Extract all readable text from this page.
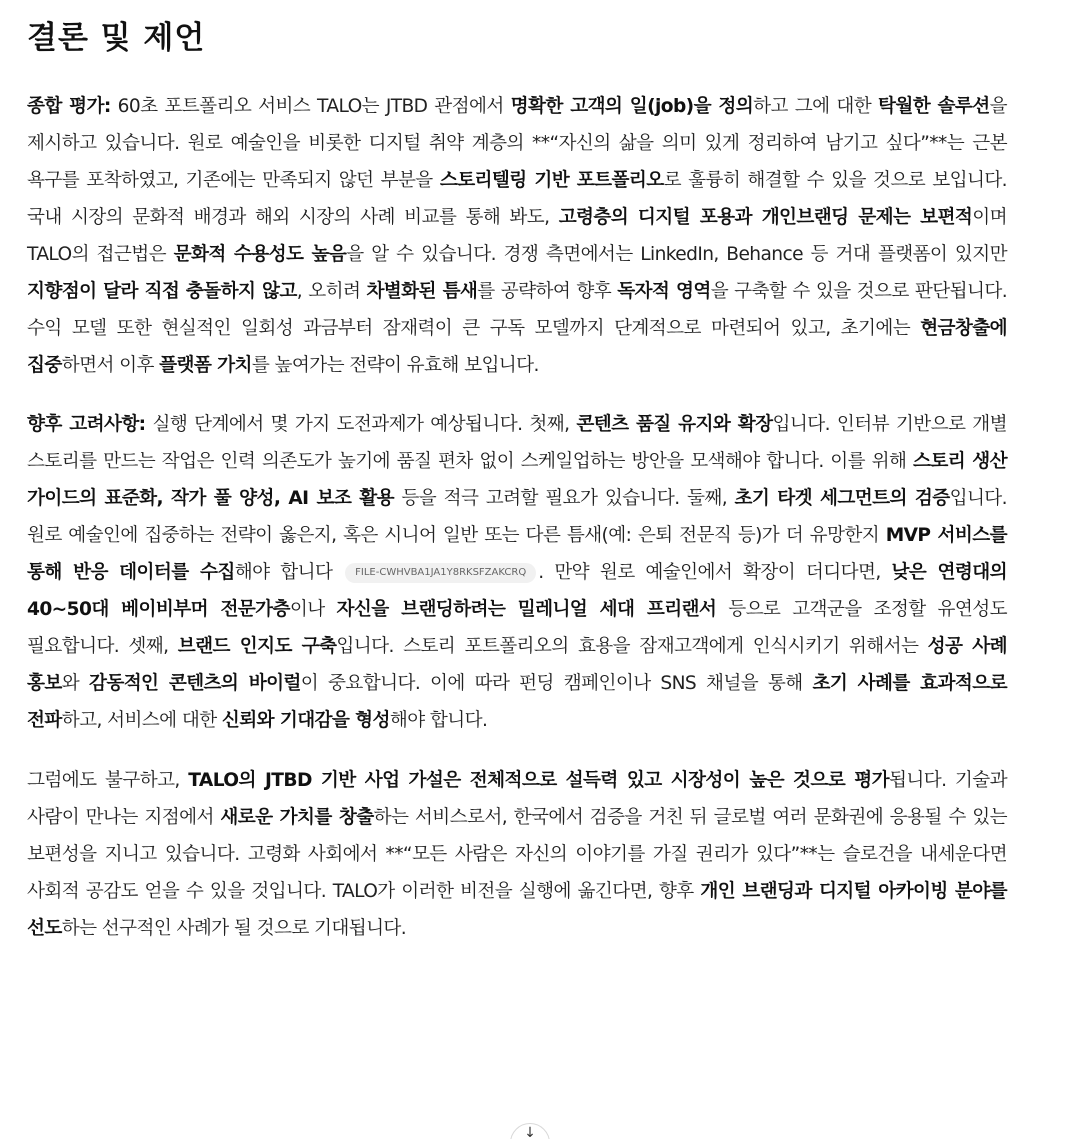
결론 및 제언

종합 평가: 60초 포트폴리오 서비스 TALO는 JTBD 관점에서 명확한 고객의 일(job)을 정의하고 그에 대한 탁월한 솔루션을 제시하고 있습니다. 원로 예술인을 비롯한 디지털 취약 계층의 **“자신의 삶을 의미 있게 정리하여 남기고 싶다”**는 근본 욕구를 포착하였고, 기존에는 만족되지 않던 부분을 스토리텔링 기반 포트폴리오로 훌륭히 해결할 수 있을 것으로 보입니다. 국내 시장의 문화적 배경과 해외 시장의 사례 비교를 통해 봐도, 고령층의 디지털 포용과 개인브랜딩 문제는 보편적이며 TALO의 접근법은 문화적 수용성도 높음을 알 수 있습니다. 경쟁 측면에서는 LinkedIn, Behance 등 거대 플랫폼이 있지만 지향점이 달라 직접 충돌하지 않고, 오히려 차별화된 틈새를 공략하여 향후 독자적 영역을 구축할 수 있을 것으로 판단됩니다. 수익 모델 또한 현실적인 일회성 과금부터 잠재력이 큰 구독 모델까지 단계적으로 마련되어 있고, 초기에는 현금창출에 집중하면서 이후 플랫폼 가치를 높여가는 전략이 유효해 보입니다.

향후 고려사항: 실행 단계에서 몇 가지 도전과제가 예상됩니다. 첫째, 콘텐츠 품질 유지와 확장입니다. 인터뷰 기반으로 개별 스토리를 만드는 작업은 인력 의존도가 높기에 품질 편차 없이 스케일업하는 방안을 모색해야 합니다. 이를 위해 스토리 생산 가이드의 표준화, 작가 풀 양성, AI 보조 활용 등을 적극 고려할 필요가 있습니다. 둘째, 초기 타겟 세그먼트의 검증입니다. 원로 예술인에 집중하는 전략이 옳은지, 혹은 시니어 일반 또는 다른 틈새(예: 은퇴 전문직 등)가 더 유망한지 MVP 서비스를 통해 반응 데이터를 수집해야 합니다 FILE-CWHVBA1JA1Y8RKSFZAKCRQ . 만약 원로 예술인에서 확장이 더디다면, 낮은 연령대의 40~50대 베이비부머 전문가층이나 자신을 브랜딩하려는 밀레니얼 세대 프리랜서 등으로 고객군을 조정할 유연성도 필요합니다. 셋째, 브랜드 인지도 구축입니다. 스토리 포트폴리오의 효용을 잠재고객에게 인식시키기 위해서는 성공 사례 홍보와 감동적인 콘텐츠의 바이럴이 중요합니다. 이에 따라 펀딩 캠페인이나 SNS 채널을 통해 초기 사례를 효과적으로 전파하고, 서비스에 대한 신뢰와 기대감을 형성해야 합니다.

그럼에도 불구하고, TALO의 JTBD 기반 사업 가설은 전체적으로 설득력 있고 시장성이 높은 것으로 평가됩니다. 기술과 사람이 만나는 지점에서 새로운 가치를 창출하는 서비스로서, 한국에서 검증을 거친 뒤 글로벌 여러 문화권에 응용될 수 있는 보편성을 지니고 있습니다. 고령화 사회에서 **“모든 사람은 자신의 이야기를 가질 권리가 있다”**는 슬로건을 내세운다면 사회적 공감도 얻을 수 있을 것입니다. TALO가 이러한 비전을 실행에 옮긴다면, 향후 개인 브랜딩과 디지털 아카이빙 분야를 선도하는 선구적인 사례가 될 것으로 기대됩니다.

↓
